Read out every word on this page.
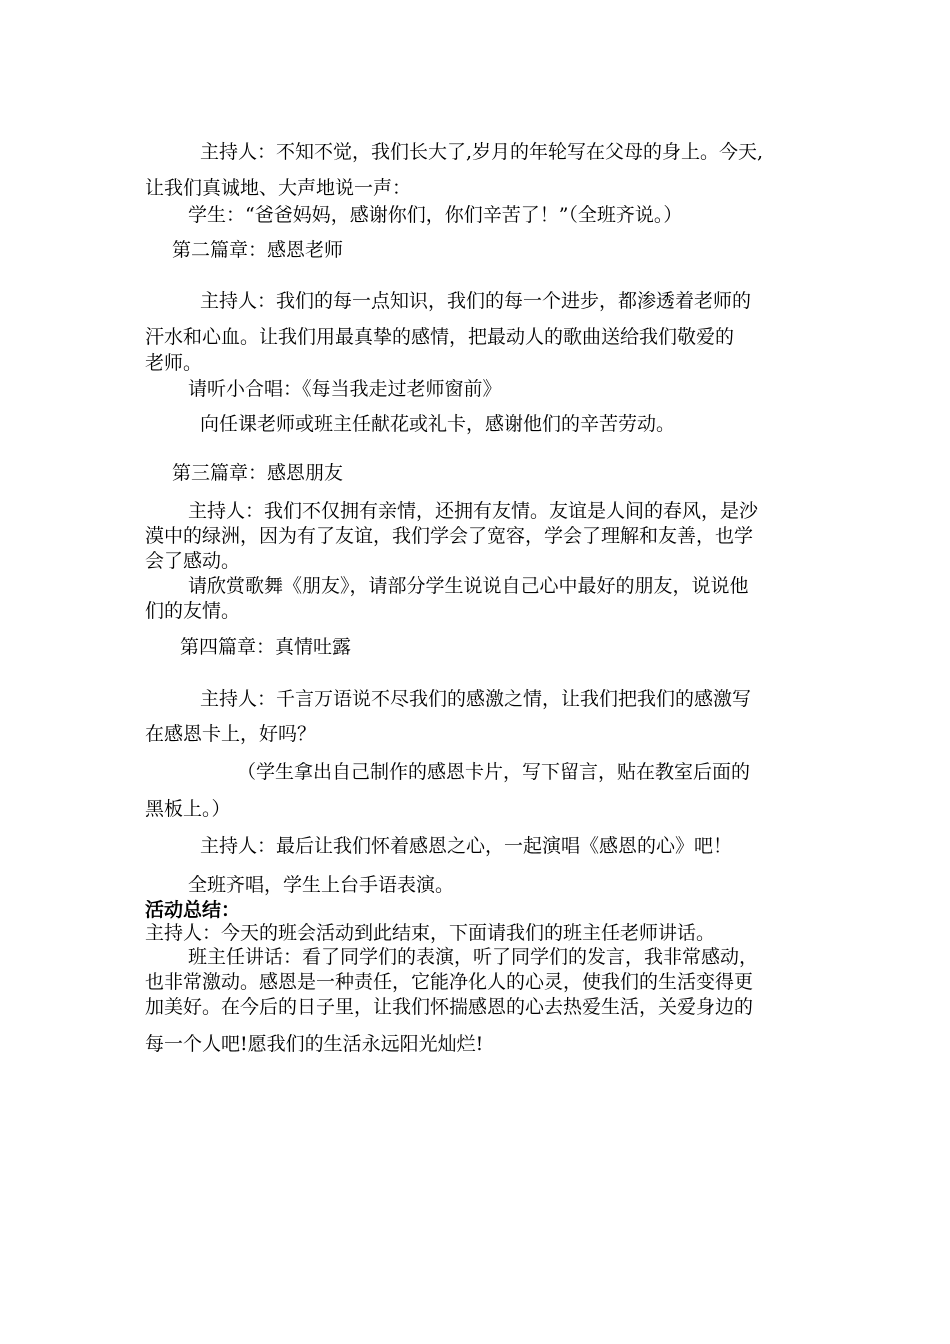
主持人：不知不觉，我们长大了,岁月的年轮写在父母的身上。今天,
让我们真诚地、大声地说一声：
学生：“爸爸妈妈，感谢你们，你们辛苦了！”（全班齐说。）
第二篇章：感恩老师
主持人：我们的每一点知识，我们的每一个进步，都渗透着老师的
汗水和心血。让我们用最真挚的感情，把最动人的歌曲送给我们敬爱的
老师。
请听小合唱：《每当我走过老师窗前》
向任课老师或班主任献花或礼卡，感谢他们的辛苦劳动。
第三篇章：感恩朋友
主持人：我们不仅拥有亲情，还拥有友情。友谊是人间的春风，是沙
漠中的绿洲，因为有了友谊，我们学会了宽容，学会了理解和友善，也学
会了感动。
请欣赏歌舞《朋友》，请部分学生说说自己心中最好的朋友，说说他
们的友情。
第四篇章：真情吐露
主持人：千言万语说不尽我们的感激之情，让我们把我们的感激写
在感恩卡上，好吗？
（学生拿出自己制作的感恩卡片，写下留言，贴在教室后面的
黑板上。）
主持人：最后让我们怀着感恩之心，一起演唱《感恩的心》吧！
全班齐唱，学生上台手语表演。
活动总结：
主持人：今天的班会活动到此结束，下面请我们的班主任老师讲话。
班主任讲话：看了同学们的表演，听了同学们的发言，我非常感动，
也非常激动。感恩是一种责任，它能净化人的心灵，使我们的生活变得更
加美好。在今后的日子里，让我们怀揣感恩的心去热爱生活，关爱身边的
每一个人吧!愿我们的生活永远阳光灿烂!
